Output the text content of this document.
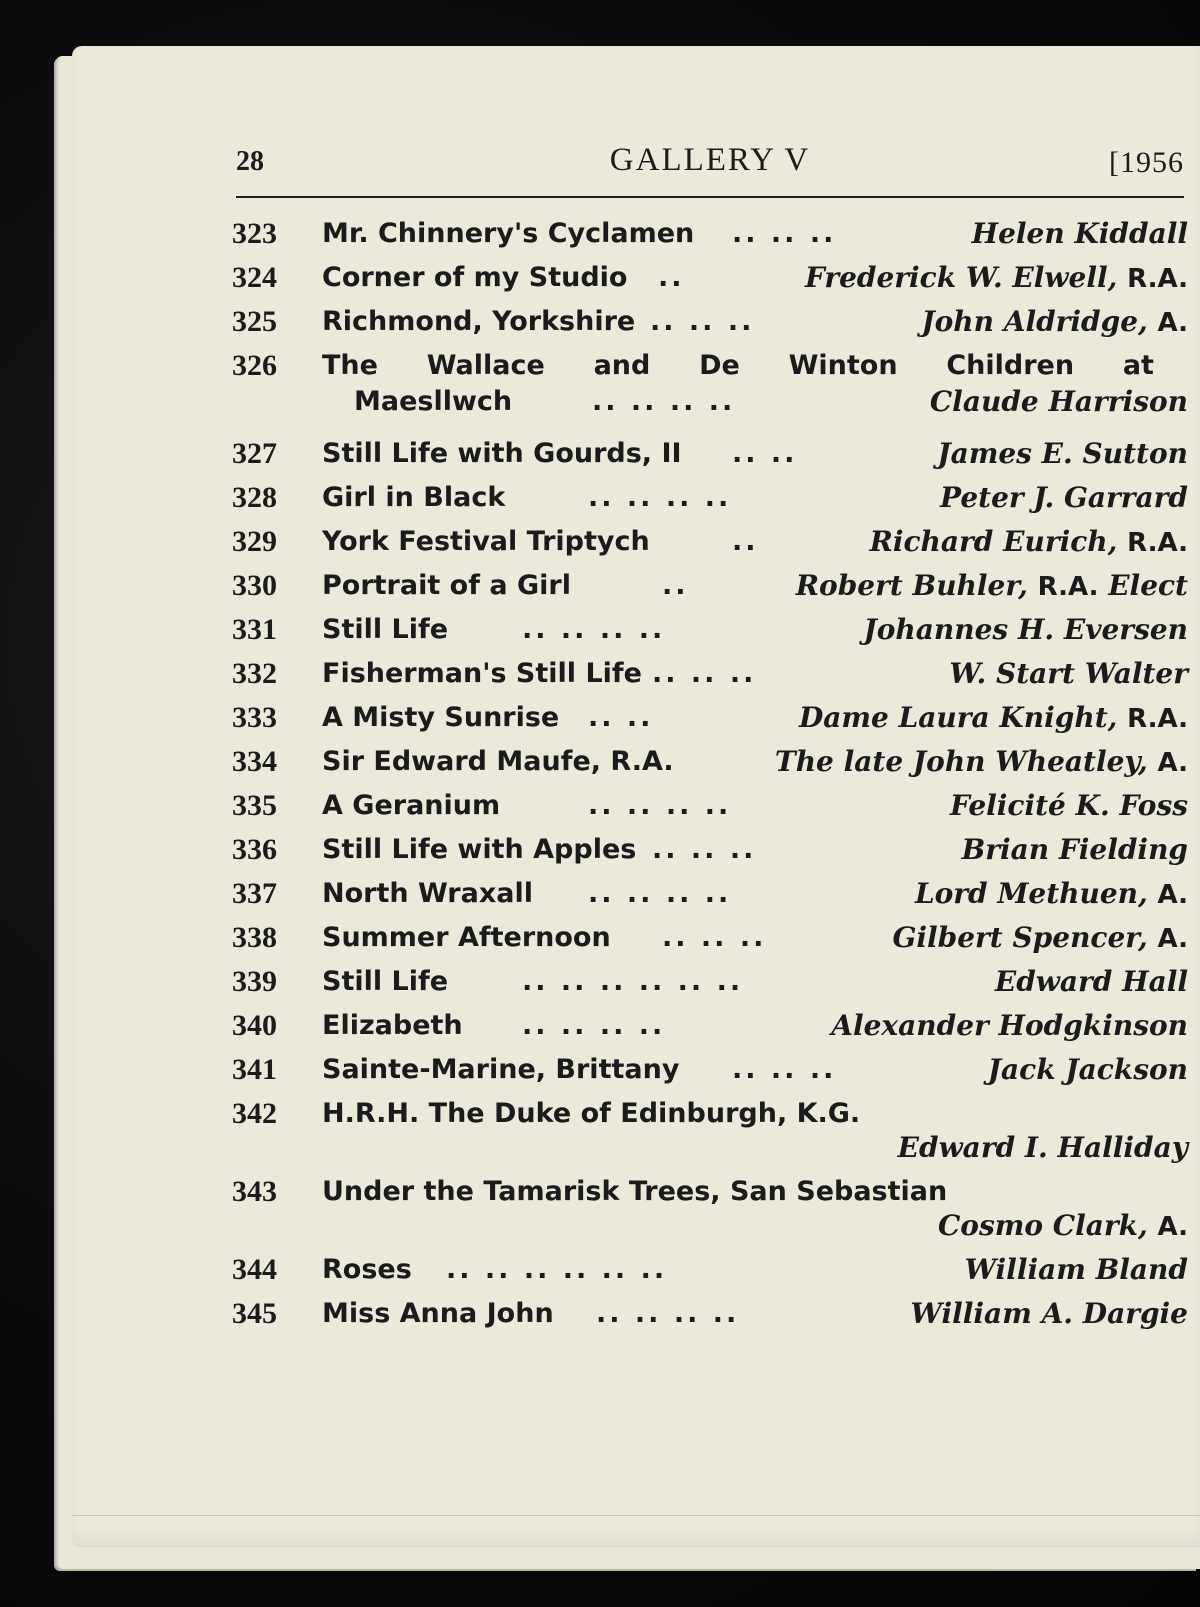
28	GALLERY V	[1956
323	Mr. Chinnery's Cyclamen .. .. ..	Helen Kiddall
324	Corner of my Studio ..	Frederick W. Elwell, R.A.
325	Richmond, Yorkshire .. .. ..	John Aldridge, A.
326	The Wallace and De Winton Children at
Maesllwch	.. .. .. ..	Claude Harrison
327	Still Life with Gourds, II .. ..	James E. Sutton
328	Girl in Black	.. .. .. ..	Peter J. Garrard
329	York Festival Triptych	..	Richard Eurich, R.A.
330	Portrait of a Girl	..	Robert Buhler, R.A. Elect
331	Still Life	.. .. .. ..	Johannes H. Eversen
332	Fisherman's Still Life .. .. ..	W. Start Walter
333	A Misty Sunrise .. ..	Dame Laura Knight, R.A.
334	Sir Edward Maufe, R.A.	The late John Wheatley, A.
335	A Geranium	.. .. .. ..	Felicité K. Foss
336	Still Life with Apples .. .. ..	Brian Fielding
337	North Wraxall .. .. .. ..	Lord Methuen, A.
338	Summer Afternoon .. .. ..	Gilbert Spencer, A.
339	Still Life	.. .. .. .. .. ..	Edward Hall
340	Elizabeth .. .. .. ..	Alexander Hodgkinson
341	Sainte-Marine, Brittany .. .. ..	Jack Jackson
342	H.R.H. The Duke of Edinburgh, K.G.
Edward I. Halliday
343	Under the Tamarisk Trees, San Sebastian
Cosmo Clark, A.
344	Roses .. .. .. .. .. ..	William Bland
345	Miss Anna John .. .. .. ..	William A. Dargie
